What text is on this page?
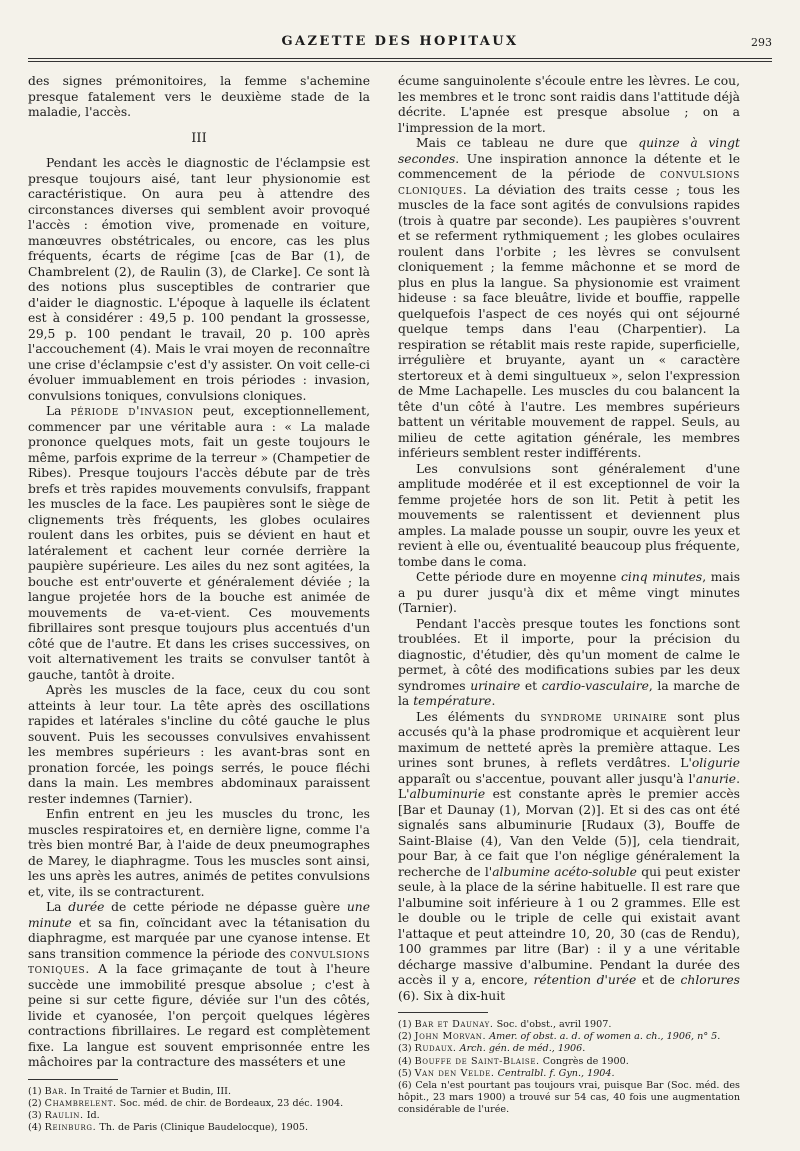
GAZETTE DES HOPITAUX	293

des signes prémonitoires, la femme s'achemine presque fatalement vers le deuxième stade de la maladie, l'accès.

III

Pendant les accès le diagnostic de l'éclampsie est presque toujours aisé, tant leur physionomie est caractéristique. On aura peu à attendre des circonstances diverses qui semblent avoir provoqué l'accès : émotion vive, promenade en voiture, manœuvres obstétricales, ou encore, cas les plus fréquents, écarts de régime [cas de Bar (1), de Chambrelent (2), de Raulin (3), de Clarke]. Ce sont là des notions plus susceptibles de contrarier que d'aider le diagnostic. L'époque à laquelle ils éclatent est à considérer : 49,5 p. 100 pendant la grossesse, 29,5 p. 100 pendant le travail, 20 p. 100 après l'accouchement (4). Mais le vrai moyen de reconnaître une crise d'éclampsie c'est d'y assister. On voit celle-ci évoluer immuablement en trois périodes : invasion, convulsions toniques, convulsions cloniques.

La période d'invasion peut, exceptionnellement, commencer par une véritable aura : « La malade prononce quelques mots, fait un geste toujours le même, parfois exprime de la terreur » (Champetier de Ribes). Presque toujours l'accès débute par de très brefs et très rapides mouvements convulsifs, frappant les muscles de la face. Les paupières sont le siège de clignements très fréquents, les globes oculaires roulent dans les orbites, puis se dévient en haut et latéralement et cachent leur cornée derrière la paupière supérieure. Les ailes du nez sont agitées, la bouche est entr'ouverte et généralement déviée ; la langue projetée hors de la bouche est animée de mouvements de va-et-vient. Ces mouvements fibrillaires sont presque toujours plus accentués d'un côté que de l'autre. Et dans les crises successives, on voit alternativement les traits se convulser tantôt à gauche, tantôt à droite.

Après les muscles de la face, ceux du cou sont atteints à leur tour. La tête après des oscillations rapides et latérales s'incline du côté gauche le plus souvent. Puis les secousses convulsives envahissent les membres supérieurs : les avant-bras sont en pronation forcée, les poings serrés, le pouce fléchi dans la main. Les membres abdominaux paraissent rester indemnes (Tarnier).

Enfin entrent en jeu les muscles du tronc, les muscles respiratoires et, en dernière ligne, comme l'a très bien montré Bar, à l'aide de deux pneumographes de Marey, le diaphragme. Tous les muscles sont ainsi, les uns après les autres, animés de petites convulsions et, vite, ils se contracturent.

La durée de cette période ne dépasse guère une minute et sa fin, coïncidant avec la tétanisation du diaphragme, est marquée par une cyanose intense. Et sans transition commence la période des convulsions toniques. A la face grimaçante de tout à l'heure succède une immobilité presque absolue ; c'est à peine si sur cette figure, déviée sur l'un des côtés, livide et cyanosée, l'on perçoit quelques légères contractions fibrillaires. Le regard est complètement fixe. La langue est souvent emprisonnée entre les mâchoires par la contracture des masséters et une

(1) Bar. In Traité de Tarnier et Budin, III.
(2) Chambrelent. Soc. méd. de chir. de Bordeaux, 23 déc. 1904.
(3) Raulin. Id.
(4) Reinburg. Th. de Paris (Clinique Baudelocque), 1905.

écume sanguinolente s'écoule entre les lèvres. Le cou, les membres et le tronc sont raidis dans l'attitude déjà décrite. L'apnée est presque absolue ; on a l'impression de la mort.

Mais ce tableau ne dure que quinze à vingt secondes. Une inspiration annonce la détente et le commencement de la période de convulsions cloniques. La déviation des traits cesse ; tous les muscles de la face sont agités de convulsions rapides (trois à quatre par seconde). Les paupières s'ouvrent et se referment rythmiquement ; les globes oculaires roulent dans l'orbite ; les lèvres se convulsent cloniquement ; la femme mâchonne et se mord de plus en plus la langue. Sa physionomie est vraiment hideuse : sa face bleuâtre, livide et bouffie, rappelle quelquefois l'aspect de ces noyés qui ont séjourné quelque temps dans l'eau (Charpentier). La respiration se rétablit mais reste rapide, superficielle, irrégulière et bruyante, ayant un « caractère stertoreux et à demi singultueux », selon l'expression de Mme Lachapelle. Les muscles du cou balancent la tête d'un côté à l'autre. Les membres supérieurs battent un véritable mouvement de rappel. Seuls, au milieu de cette agitation générale, les membres inférieurs semblent rester indifférents.

Les convulsions sont généralement d'une amplitude modérée et il est exceptionnel de voir la femme projetée hors de son lit. Petit à petit les mouvements se ralentissent et deviennent plus amples. La malade pousse un soupir, ouvre les yeux et revient à elle ou, éventualité beaucoup plus fréquente, tombe dans le coma.

Cette période dure en moyenne cinq minutes, mais a pu durer jusqu'à dix et même vingt minutes (Tarnier).

Pendant l'accès presque toutes les fonctions sont troublées. Et il importe, pour la précision du diagnostic, d'étudier, dès qu'un moment de calme le permet, à côté des modifications subies par les deux syndromes urinaire et cardio-vasculaire, la marche de la température.

Les éléments du syndrome urinaire sont plus accusés qu'à la phase prodromique et acquièrent leur maximum de netteté après la première attaque. Les urines sont brunes, à reflets verdâtres. L'oligurie apparaît ou s'accentue, pouvant aller jusqu'à l'anurie. L'albuminurie est constante après le premier accès [Bar et Daunay (1), Morvan (2)]. Et si des cas ont été signalés sans albuminurie [Rudaux (3), Bouffe de Saint-Blaise (4), Van den Velde (5)], cela tiendrait, pour Bar, à ce fait que l'on néglige généralement la recherche de l'albumine acéto-soluble qui peut exister seule, à la place de la sérine habituelle. Il est rare que l'albumine soit inférieure à 1 ou 2 grammes. Elle est le double ou le triple de celle qui existait avant l'attaque et peut atteindre 10, 20, 30 (cas de Rendu), 100 grammes par litre (Bar) : il y a une véritable décharge massive d'albumine. Pendant la durée des accès il y a, encore, rétention d'urée et de chlorures (6). Six à dix-huit

(1) Bar et Daunay. Soc. d'obst., avril 1907.
(2) John Morvan. Amer. of obst. a. d. of women a. ch., 1906, n° 5.
(3) Rudaux. Arch. gén. de méd., 1906.
(4) Bouffe de Saint-Blaise. Congrès de 1900.
(5) Van den Velde. Centralbl. f. Gyn., 1904.
(6) Cela n'est pourtant pas toujours vrai, puisque Bar (Soc. méd. des hôpit., 23 mars 1900) a trouvé sur 54 cas, 40 fois une augmentation considérable de l'urée.
